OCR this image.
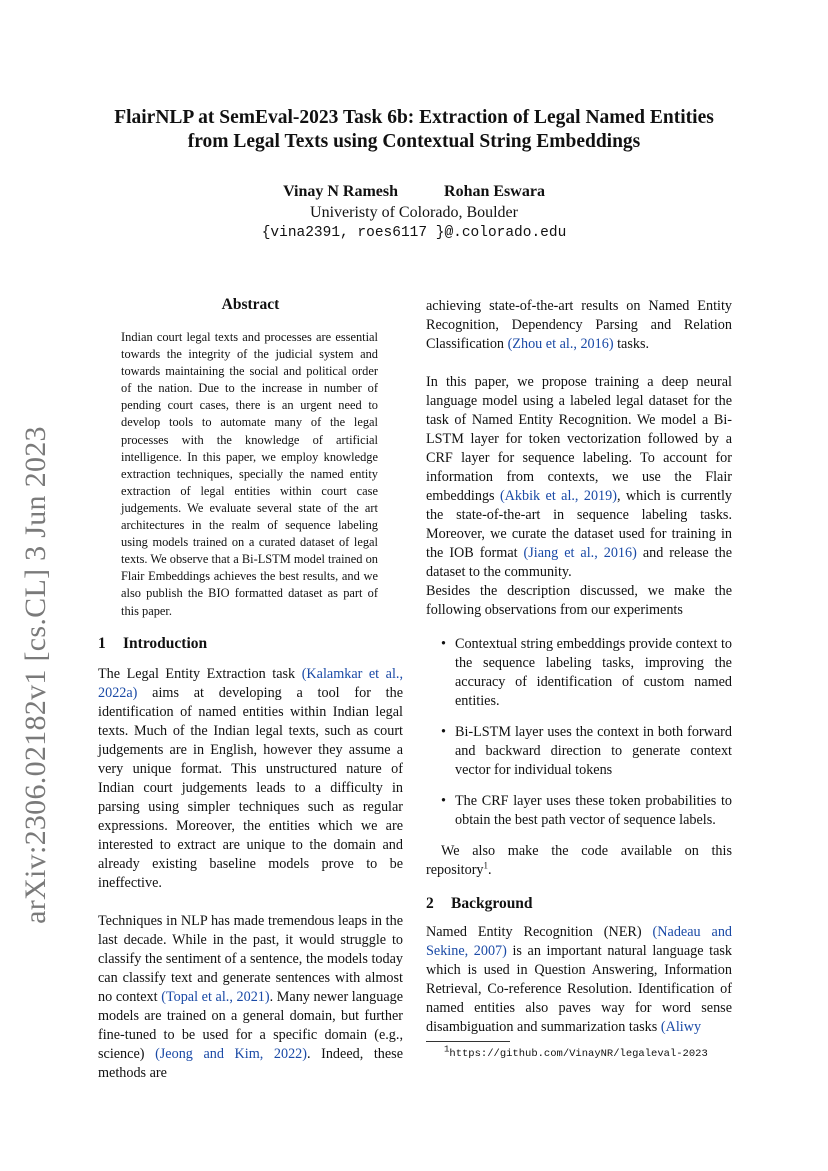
arXiv:2306.02182v1 [cs.CL] 3 Jun 2023
FlairNLP at SemEval-2023 Task 6b: Extraction of Legal Named Entities
from Legal Texts using Contextual String Embeddings
Vinay N Ramesh	Rohan Eswara
Univeristy of Colorado, Boulder
{vina2391, roes6117 }@.colorado.edu

Abstract

Indian court legal texts and processes are essential towards the integrity of the judicial system and towards maintaining the social and political order of the nation. Due to the increase in number of pending court cases, there is an urgent need to develop tools to automate many of the legal processes with the knowledge of artificial intelligence. In this paper, we employ knowledge extraction techniques, specially the named entity extraction of legal entities within court case judgements. We evaluate several state of the art architectures in the realm of sequence labeling using models trained on a curated dataset of legal texts. We observe that a Bi-LSTM model trained on Flair Embeddings achieves the best results, and we also publish the BIO formatted dataset as part of this paper.

1 Introduction

The Legal Entity Extraction task (Kalamkar et al., 2022a) aims at developing a tool for the identification of named entities within Indian legal texts. Much of the Indian legal texts, such as court judgements are in English, however they assume a very unique format. This unstructured nature of Indian court judgements leads to a difficulty in parsing using simpler techniques such as regular expressions. Moreover, the entities which we are interested to extract are unique to the domain and already existing baseline models prove to be ineffective.

Techniques in NLP has made tremendous leaps in the last decade. While in the past, it would struggle to classify the sentiment of a sentence, the models today can classify text and generate sentences with almost no context (Topal et al., 2021). Many newer language models are trained on a general domain, but further fine-tuned to be used for a specific domain (e.g., science) (Jeong and Kim, 2022). Indeed, these methods are

achieving state-of-the-art results on Named Entity Recognition, Dependency Parsing and Relation Classification (Zhou et al., 2016) tasks.

In this paper, we propose training a deep neural language model using a labeled legal dataset for the task of Named Entity Recognition. We model a Bi-LSTM layer for token vectorization followed by a CRF layer for sequence labeling. To account for information from contexts, we use the Flair embeddings (Akbik et al., 2019), which is currently the state-of-the-art in sequence labeling tasks. Moreover, we curate the dataset used for training in the IOB format (Jiang et al., 2016) and release the dataset to the community.

Besides the description discussed, we make the following observations from our experiments

• Contextual string embeddings provide context to the sequence labeling tasks, improving the accuracy of identification of custom named entities.
• Bi-LSTM layer uses the context in both forward and backward direction to generate context vector for individual tokens
• The CRF layer uses these token probabilities to obtain the best path vector of sequence labels.

We also make the code available on this repository$^1$.

2 Background

Named Entity Recognition (NER) (Nadeau and Sekine, 2007) is an important natural language task which is used in Question Answering, Information Retrieval, Co-reference Resolution. Identification of named entities also paves way for word sense disambiguation and summarization tasks (Aliwy

$^1$https://github.com/VinayNR/legaleval-2023
